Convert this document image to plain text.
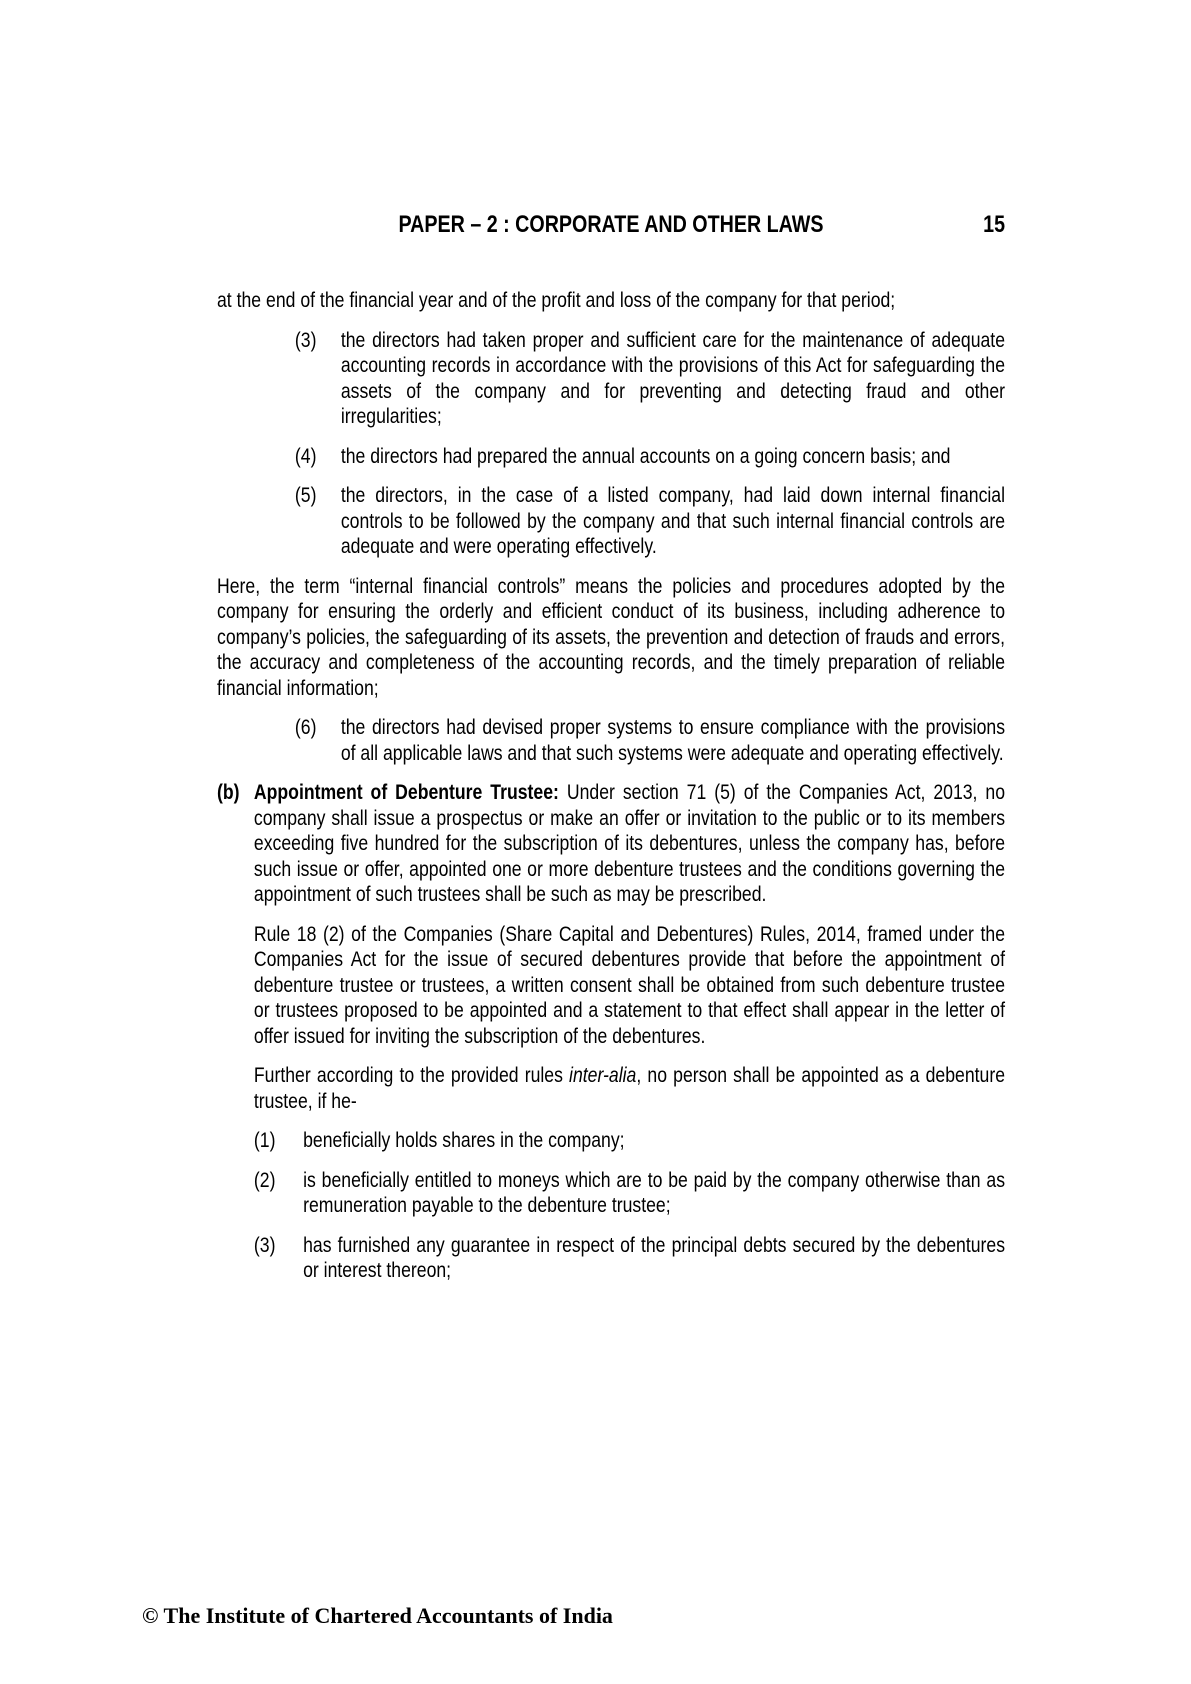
PAPER – 2 : CORPORATE AND OTHER LAWS	15

at the end of the financial year and of the profit and loss of the company for that period;

(3) the directors had taken proper and sufficient care for the maintenance of adequate accounting records in accordance with the provisions of this Act for safeguarding the assets of the company and for preventing and detecting fraud and other irregularities;
(4) the directors had prepared the annual accounts on a going concern basis; and
(5) the directors, in the case of a listed company, had laid down internal financial controls to be followed by the company and that such internal financial controls are adequate and were operating effectively.

Here, the term “internal financial controls” means the policies and procedures adopted by the company for ensuring the orderly and efficient conduct of its business, including adherence to company’s policies, the safeguarding of its assets, the prevention and detection of frauds and errors, the accuracy and completeness of the accounting records, and the timely preparation of reliable financial information;

(6) the directors had devised proper systems to ensure compliance with the provisions of all applicable laws and that such systems were adequate and operating effectively.
(b) Appointment of Debenture Trustee: Under section 71 (5) of the Companies Act, 2013, no company shall issue a prospectus or make an offer or invitation to the public or to its members exceeding five hundred for the subscription of its debentures, unless the company has, before such issue or offer, appointed one or more debenture trustees and the conditions governing the appointment of such trustees shall be such as may be prescribed.

Rule 18 (2) of the Companies (Share Capital and Debentures) Rules, 2014, framed under the Companies Act for the issue of secured debentures provide that before the appointment of debenture trustee or trustees, a written consent shall be obtained from such debenture trustee or trustees proposed to be appointed and a statement to that effect shall appear in the letter of offer issued for inviting the subscription of the debentures.

Further according to the provided rules inter-alia, no person shall be appointed as a debenture trustee, if he-

(1) beneficially holds shares in the company;
(2) is beneficially entitled to moneys which are to be paid by the company otherwise than as remuneration payable to the debenture trustee;
(3) has furnished any guarantee in respect of the principal debts secured by the debentures or interest thereon;
© The Institute of Chartered Accountants of India
